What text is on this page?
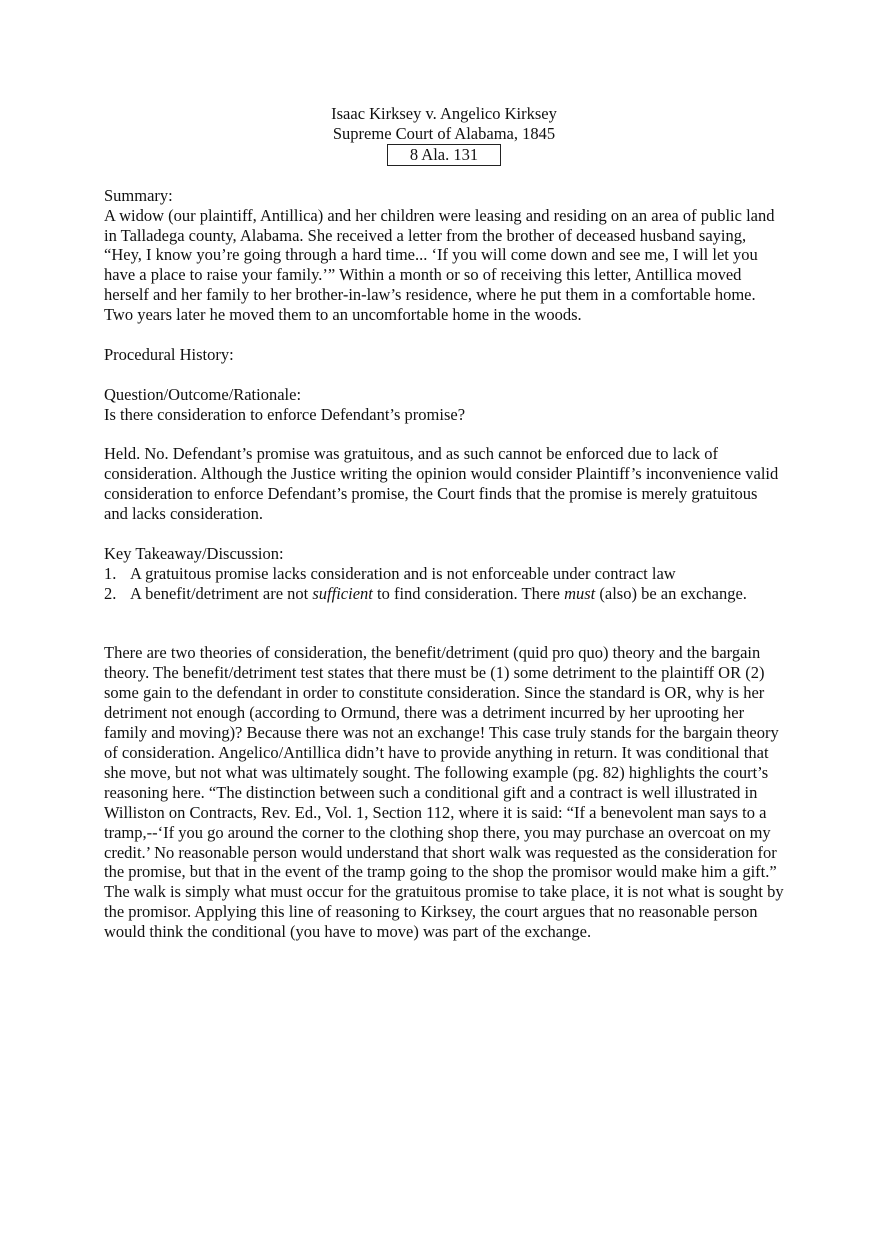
Isaac Kirksey v. Angelico Kirksey
Supreme Court of Alabama, 1845
8 Ala. 131

Summary:

A widow (our plaintiff, Antillica) and her children were leasing and residing on an area of public land in Talladega county, Alabama. She received a letter from the brother of deceased husband saying, “Hey, I know you’re going through a hard time... ‘If you will come down and see me, I will let you have a place to raise your family.’” Within a month or so of receiving this letter, Antillica moved herself and her family to her brother-in-law’s residence, where he put them in a comfortable home. Two years later he moved them to an uncomfortable home in the woods.

Procedural History:

Question/Outcome/Rationale:

Is there consideration to enforce Defendant’s promise?

Held. No. Defendant’s promise was gratuitous, and as such cannot be enforced due to lack of consideration. Although the Justice writing the opinion would consider Plaintiff’s inconvenience valid consideration to enforce Defendant’s promise, the Court finds that the promise is merely gratuitous and lacks consideration.

Key Takeaway/Discussion:

1. A gratuitous promise lacks consideration and is not enforceable under contract law
2. A benefit/detriment are not sufficient to find consideration. There must (also) be an exchange.

There are two theories of consideration, the benefit/detriment (quid pro quo) theory and the bargain theory. The benefit/detriment test states that there must be (1) some detriment to the plaintiff OR (2) some gain to the defendant in order to constitute consideration. Since the standard is OR, why is her detriment not enough (according to Ormund, there was a detriment incurred by her uprooting her family and moving)? Because there was not an exchange! This case truly stands for the bargain theory of consideration. Angelico/Antillica didn’t have to provide anything in return. It was conditional that she move, but not what was ultimately sought. The following example (pg. 82) highlights the court’s reasoning here. “The distinction between such a conditional gift and a contract is well illustrated in Williston on Contracts, Rev. Ed., Vol. 1, Section 112, where it is said: “If a benevolent man says to a tramp,--‘If you go around the corner to the clothing shop there, you may purchase an overcoat on my credit.’ No reasonable person would understand that short walk was requested as the consideration for the promise, but that in the event of the tramp going to the shop the promisor would make him a gift.” The walk is simply what must occur for the gratuitous promise to take place, it is not what is sought by the promisor. Applying this line of reasoning to Kirksey, the court argues that no reasonable person would think the conditional (you have to move) was part of the exchange.
